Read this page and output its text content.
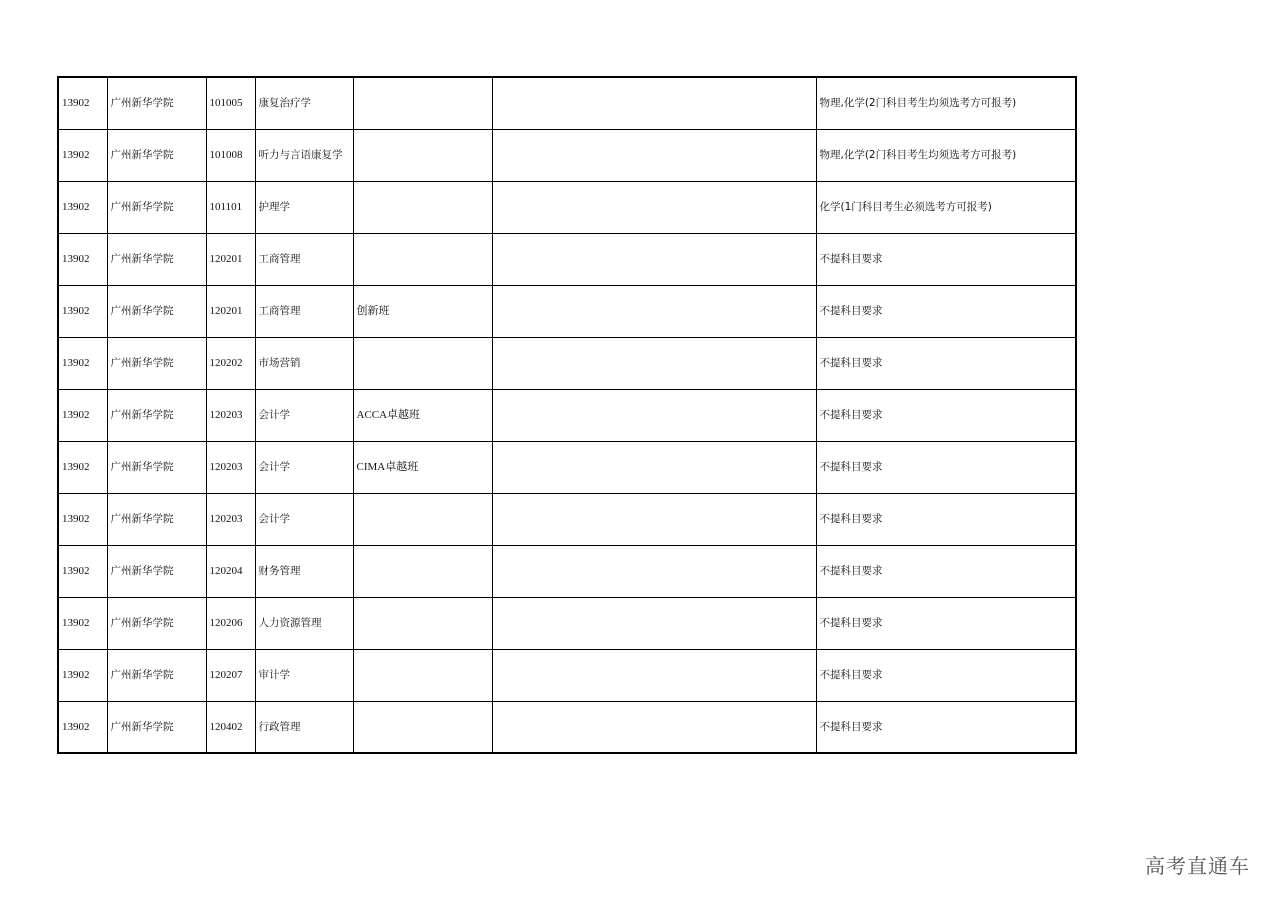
13902	广州新华学院	101005	康复治疗学			物理,化学(2门科目考生均须选考方可报考)
13902	广州新华学院	101008	听力与言语康复学			物理,化学(2门科目考生均须选考方可报考)
13902	广州新华学院	101101	护理学			化学(1门科目考生必须选考方可报考)
13902	广州新华学院	120201	工商管理			不提科目要求
13902	广州新华学院	120201	工商管理	创新班		不提科目要求
13902	广州新华学院	120202	市场营销			不提科目要求
13902	广州新华学院	120203	会计学	ACCA卓越班		不提科目要求
13902	广州新华学院	120203	会计学	CIMA卓越班		不提科目要求
13902	广州新华学院	120203	会计学			不提科目要求
13902	广州新华学院	120204	财务管理			不提科目要求
13902	广州新华学院	120206	人力资源管理			不提科目要求
13902	广州新华学院	120207	审计学			不提科目要求
13902	广州新华学院	120402	行政管理			不提科目要求
高考直通车
